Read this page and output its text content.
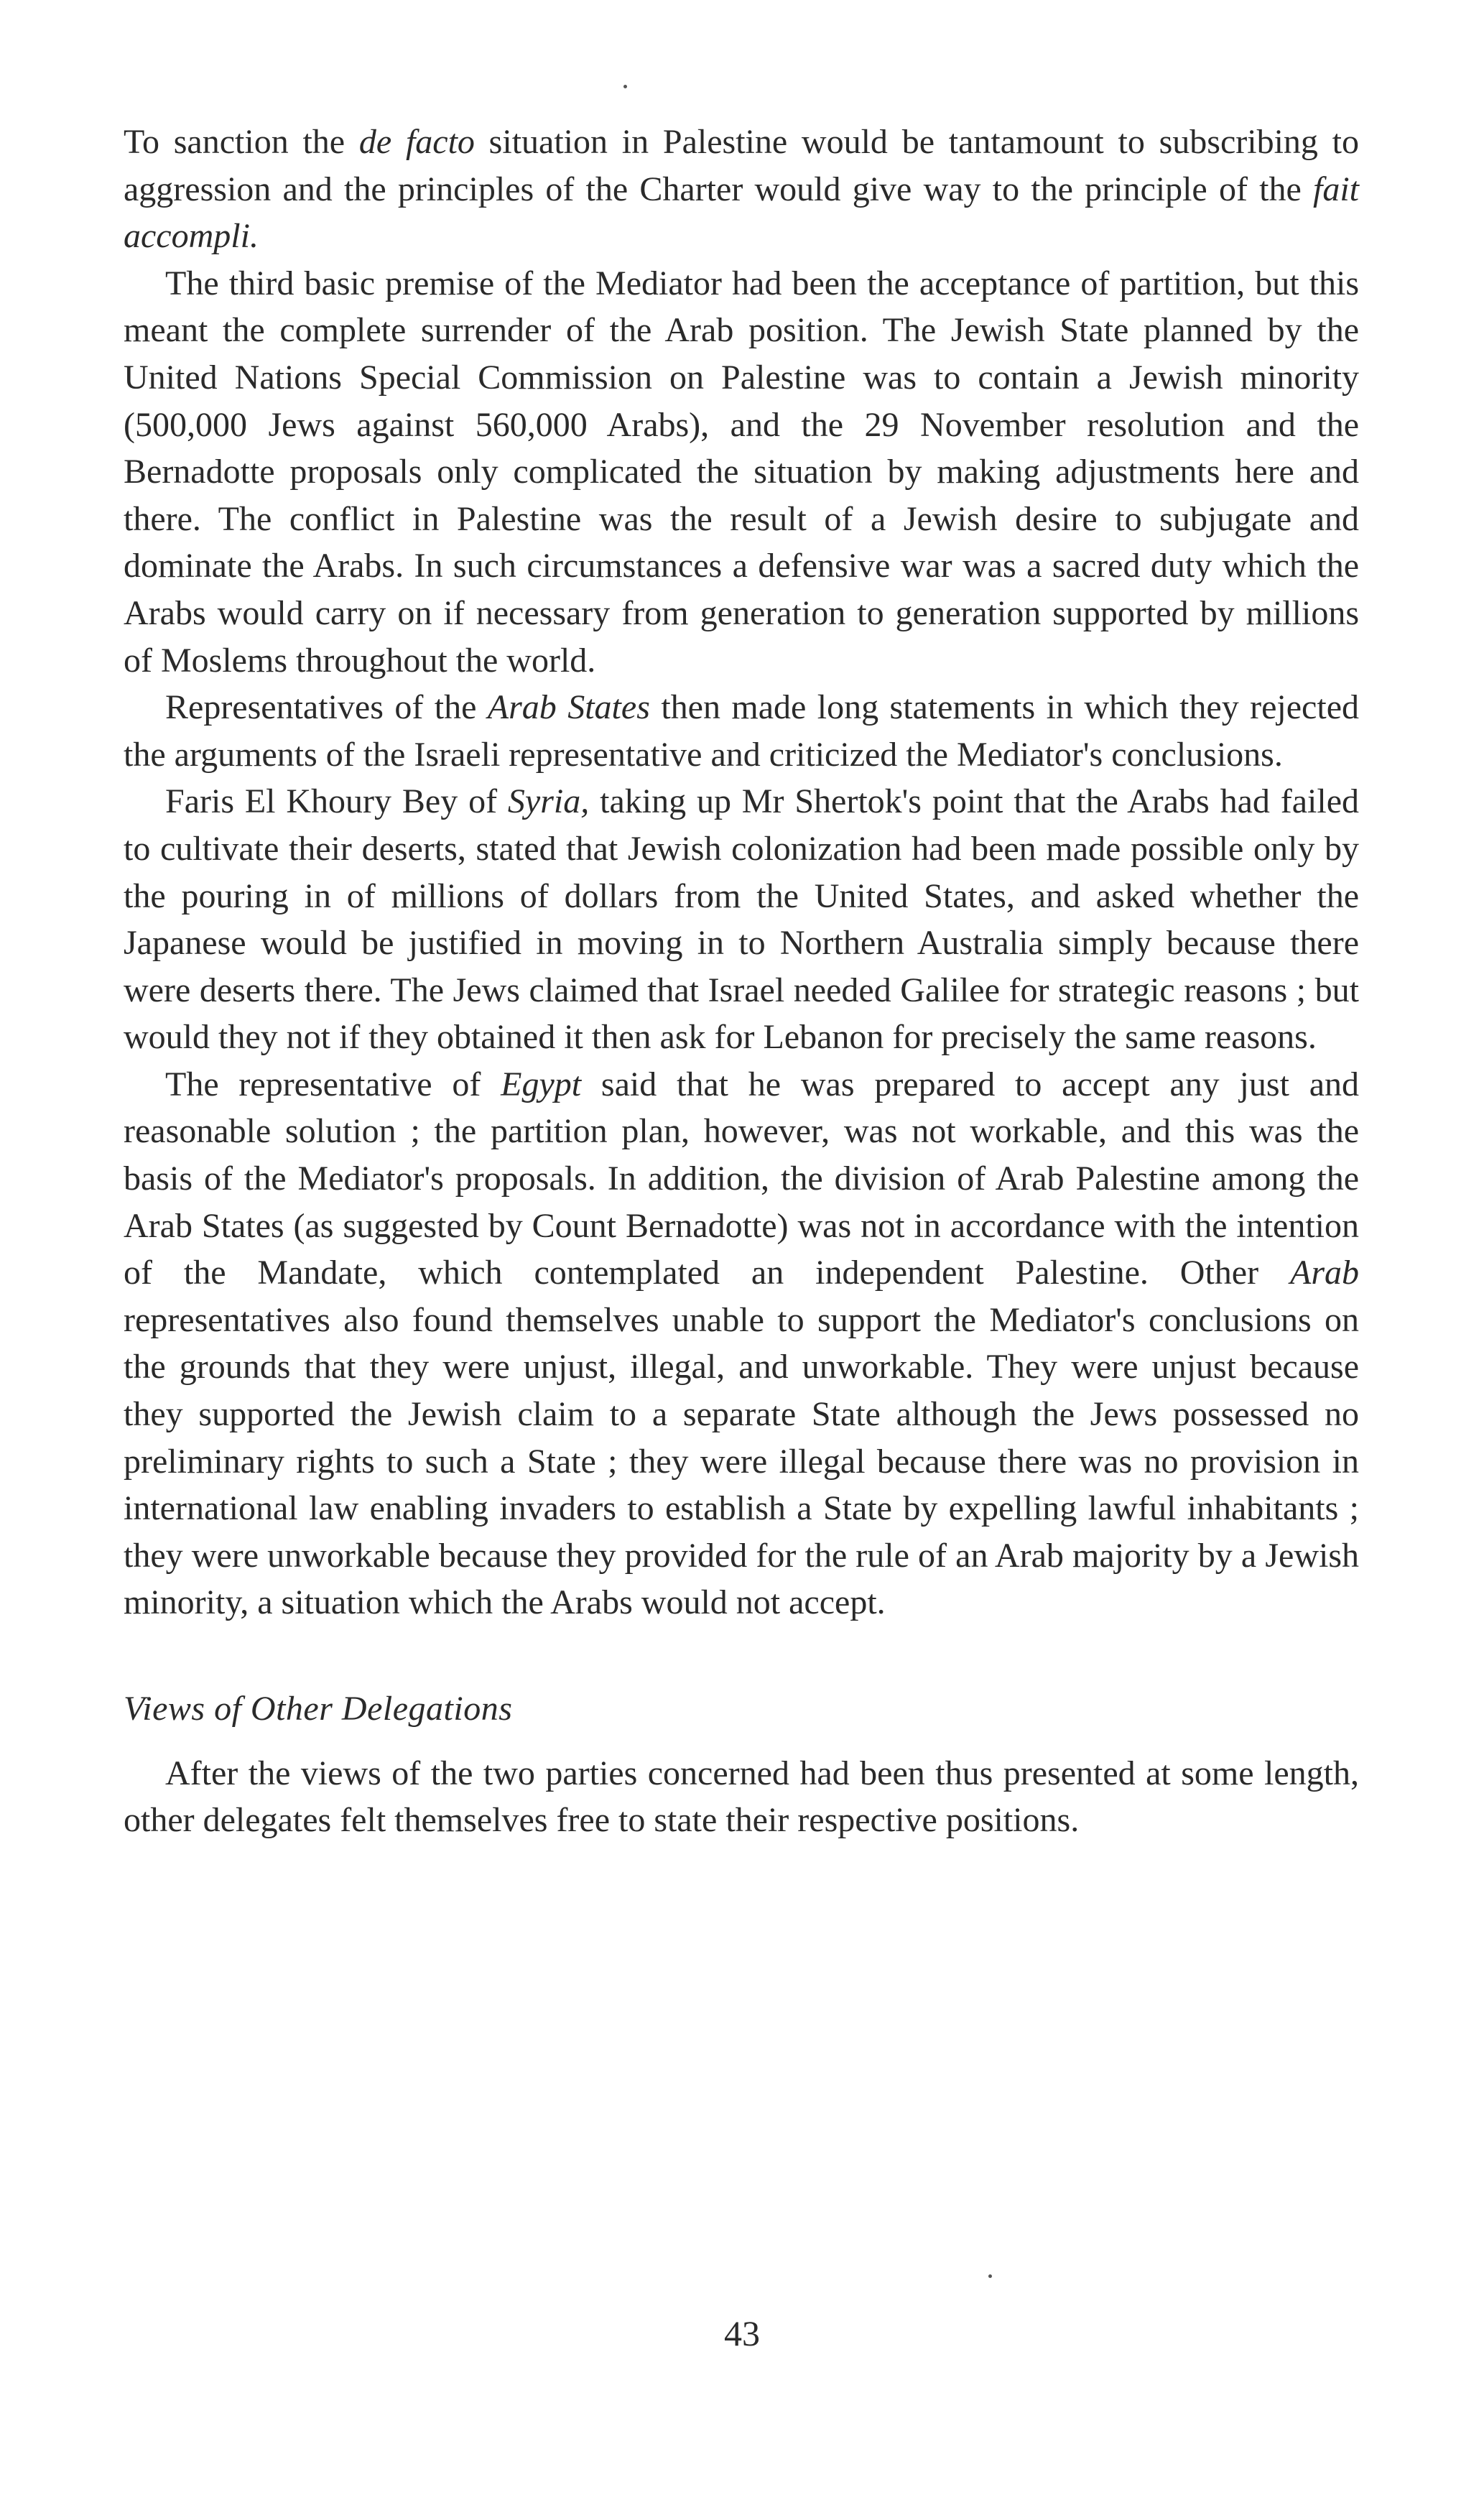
To sanction the de facto situation in Palestine would be tantamount to subscribing to aggression and the principles of the Charter would give way to the principle of the fait accompli.

The third basic premise of the Mediator had been the acceptance of partition, but this meant the complete surrender of the Arab position. The Jewish State planned by the United Nations Special Commission on Palestine was to contain a Jewish minority (500,000 Jews against 560,000 Arabs), and the 29 November resolution and the Bernadotte proposals only complicated the situation by making adjustments here and there. The conflict in Palestine was the result of a Jewish desire to subjugate and dominate the Arabs. In such circumstances a defensive war was a sacred duty which the Arabs would carry on if necessary from generation to generation supported by millions of Moslems throughout the world.

Representatives of the Arab States then made long statements in which they rejected the arguments of the Israeli representative and criticized the Mediator's conclusions.

Faris El Khoury Bey of Syria, taking up Mr Shertok's point that the Arabs had failed to cultivate their deserts, stated that Jewish colonization had been made possible only by the pouring in of millions of dollars from the United States, and asked whether the Japanese would be justified in moving in to Northern Australia simply because there were deserts there. The Jews claimed that Israel needed Galilee for strategic reasons ; but would they not if they obtained it then ask for Lebanon for precisely the same reasons.

The representative of Egypt said that he was prepared to accept any just and reasonable solution ; the partition plan, however, was not workable, and this was the basis of the Mediator's proposals. In addition, the division of Arab Palestine among the Arab States (as suggested by Count Bernadotte) was not in accordance with the intention of the Mandate, which contemplated an independent Palestine. Other Arab representatives also found themselves unable to support the Mediator's conclusions on the grounds that they were unjust, illegal, and unworkable. They were unjust because they supported the Jewish claim to a separate State although the Jews possessed no preliminary rights to such a State ; they were illegal because there was no provision in international law enabling invaders to establish a State by expelling lawful inhabitants ; they were unworkable because they provided for the rule of an Arab majority by a Jewish minority, a situation which the Arabs would not accept.

Views of Other Delegations

After the views of the two parties concerned had been thus presented at some length, other delegates felt themselves free to state their respective positions.

43
